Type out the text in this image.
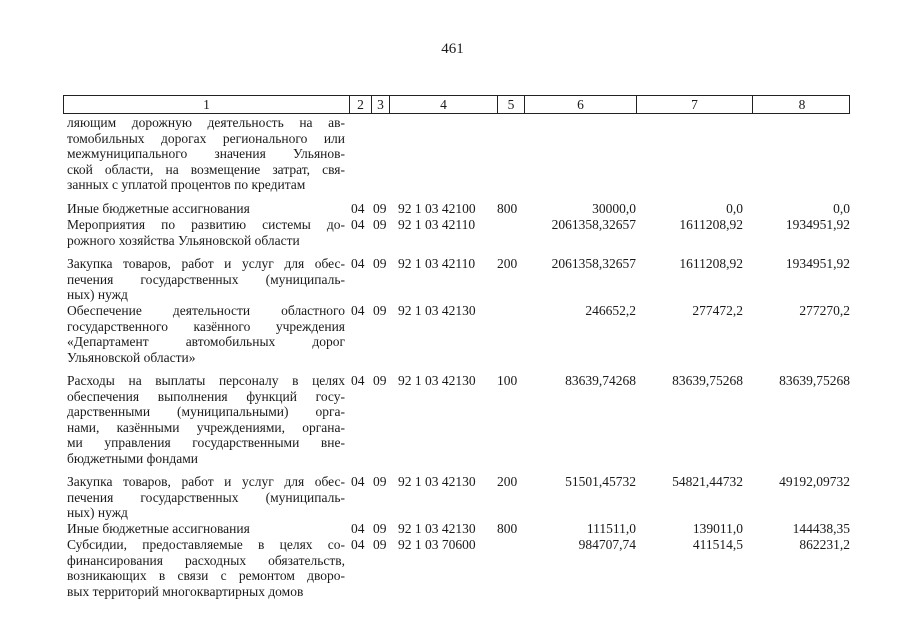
461
1	2 3	4	5	6	7	8
ляющим дорожную деятельность на ав-
томобильных дорогах регионального или
межмуниципального значения Ульянов-
ской области, на возмещение затрат, свя-
занных с уплатой процентов по кредитам
Иные бюджетные ассигнования	04 09 92 1 03 42100 800	30000,0	0,0	0,0
Мероприятия по развитию системы до-
рожного хозяйства Ульяновской области
04 09 92 1 03 42110	2061358,32657	1611208,92	1934951,92
Закупка товаров, работ и услуг для обес-
печения государственных (муниципаль-
ных) нужд
04 09 92 1 03 42110 200	2061358,32657	1611208,92	1934951,92
Обеспечение деятельности областного
государственного казённого учреждения
«Департамент автомобильных дорог
Ульяновской области»
04 09 92 1 03 42130	246652,2	277472,2	277270,2
Расходы на выплаты персоналу в целях
обеспечения выполнения функций госу-
дарственными (муниципальными) орга-
нами, казёнными учреждениями, органа-
ми управления государственными вне-
бюджетными фондами
04 09 92 1 03 42130 100	83639,74268	83639,75268	83639,75268
Закупка товаров, работ и услуг для обес-
печения государственных (муниципаль-
ных) нужд
04 09 92 1 03 42130 200	51501,45732	54821,44732	49192,09732
Иные бюджетные ассигнования	04 09 92 1 03 42130 800	111511,0	139011,0	144438,35
Субсидии, предоставляемые в целях со-
финансирования расходных обязательств,
возникающих в связи с ремонтом дворо-
вых территорий многоквартирных домов
04 09 92 1 03 70600	984707,74	411514,5	862231,2
